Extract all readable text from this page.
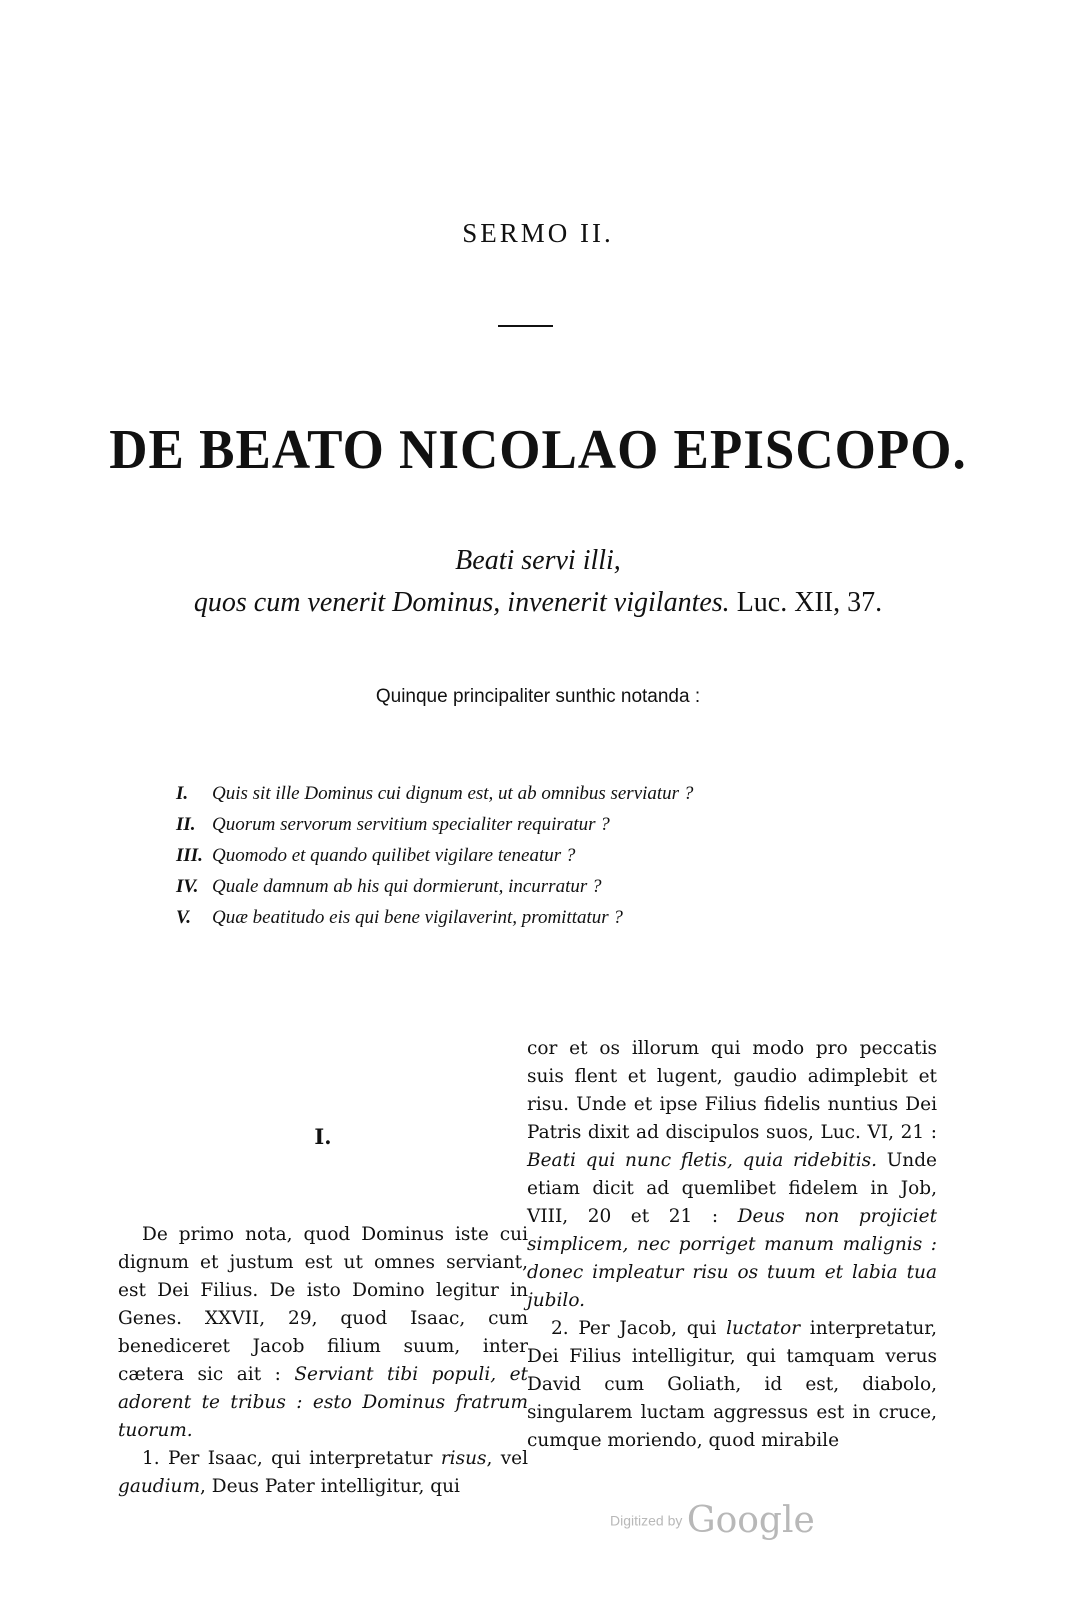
SERMO II.
DE BEATO NICOLAO EPISCOPO.
Beati servi illi,
quos cum venerit Dominus, invenerit vigilantes. Luc. XII, 37.
Quinque principaliter sunthic notanda :
I. Quis sit ille Dominus cui dignum est, ut ab omnibus serviatur ?
II. Quorum servorum servitium specialiter requiratur ?
III. Quomodo et quando quilibet vigilare teneatur ?
IV. Quale damnum ab his qui dormierunt, incurratur ?
V. Quæ beatitudo eis qui bene vigilaverint, promittatur ?
I.

De primo nota, quod Dominus iste cui dignum et justum est ut omnes serviant, est Dei Filius. De isto Domino legitur in Genes. XXVII, 29, quod Isaac, cum benediceret Jacob filium suum, inter cætera sic ait : Serviant tibi populi, et adorent te tribus : esto Dominus fratrum tuorum.

1. Per Isaac, qui interpretatur risus, vel gaudium, Deus Pater intelligitur, qui

cor et os illorum qui modo pro peccatis suis flent et lugent, gaudio adimplebit et risu. Unde et ipse Filius fidelis nuntius Dei Patris dixit ad discipulos suos, Luc. VI, 21 : Beati qui nunc fletis, quia ridebitis. Unde etiam dicit ad quemlibet fidelem in Job, VIII, 20 et 21 : Deus non projiciet simplicem, nec porriget manum malignis : donec impleatur risu os tuum et labia tua jubilo.

2. Per Jacob, qui luctator interpretatur, Dei Filius intelligitur, qui tamquam verus David cum Goliath, id est, diabolo, singularem luctam aggressus est in cruce, cumque moriendo, quod mirabile

Digitized by Google
